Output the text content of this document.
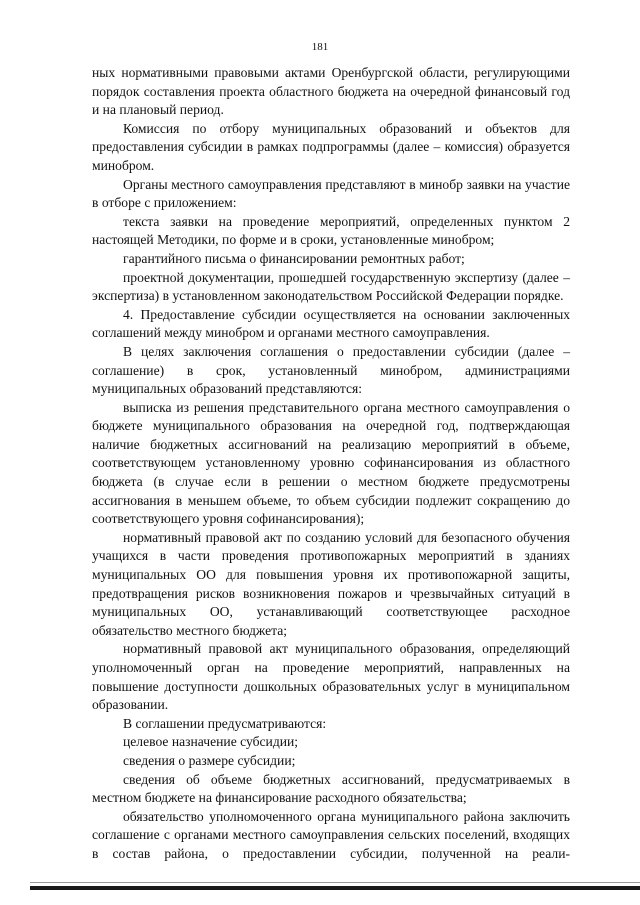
181

ных нормативными правовыми актами Оренбургской области, регулирующими порядок составления проекта областного бюджета на очередной финансовый год и на плановый период.

Комиссия по отбору муниципальных образований и объектов для предоставления субсидии в рамках подпрограммы (далее – комиссия) образуется минобром.

Органы местного самоуправления представляют в минобр заявки на участие в отборе с приложением:

текста заявки на проведение мероприятий, определенных пунктом 2 настоящей Методики, по форме и в сроки, установленные минобром;

гарантийного письма о финансировании ремонтных работ;

проектной документации, прошедшей государственную экспертизу (далее – экспертиза) в установленном законодательством Российской Федерации порядке.

4. Предоставление субсидии осуществляется на основании заключенных соглашений между минобром и органами местного самоуправления.

В целях заключения соглашения о предоставлении субсидии (далее – соглашение) в срок, установленный минобром, администрациями муниципальных образований представляются:

выписка из решения представительного органа местного самоуправления о бюджете муниципального образования на очередной год, подтверждающая наличие бюджетных ассигнований на реализацию мероприятий в объеме, соответствующем установленному уровню софинансирования из областного бюджета (в случае если в решении о местном бюджете предусмотрены ассигнования в меньшем объеме, то объем субсидии подлежит сокращению до соответствующего уровня софинансирования);

нормативный правовой акт по созданию условий для безопасного обучения учащихся в части проведения противопожарных мероприятий в зданиях муниципальных ОО для повышения уровня их противопожарной защиты, предотвращения рисков возникновения пожаров и чрезвычайных ситуаций в муниципальных ОО, устанавливающий соответствующее расходное обязательство местного бюджета;

нормативный правовой акт муниципального образования, определяющий уполномоченный орган на проведение мероприятий, направленных на повышение доступности дошкольных образовательных услуг в муниципальном образовании.

В соглашении предусматриваются:

целевое назначение субсидии;

сведения о размере субсидии;

сведения об объеме бюджетных ассигнований, предусматриваемых в местном бюджете на финансирование расходного обязательства;

обязательство уполномоченного органа муниципального района заключить соглашение с органами местного самоуправления сельских поселений, входящих в состав района, о предоставлении субсидии, полученной на реали-
